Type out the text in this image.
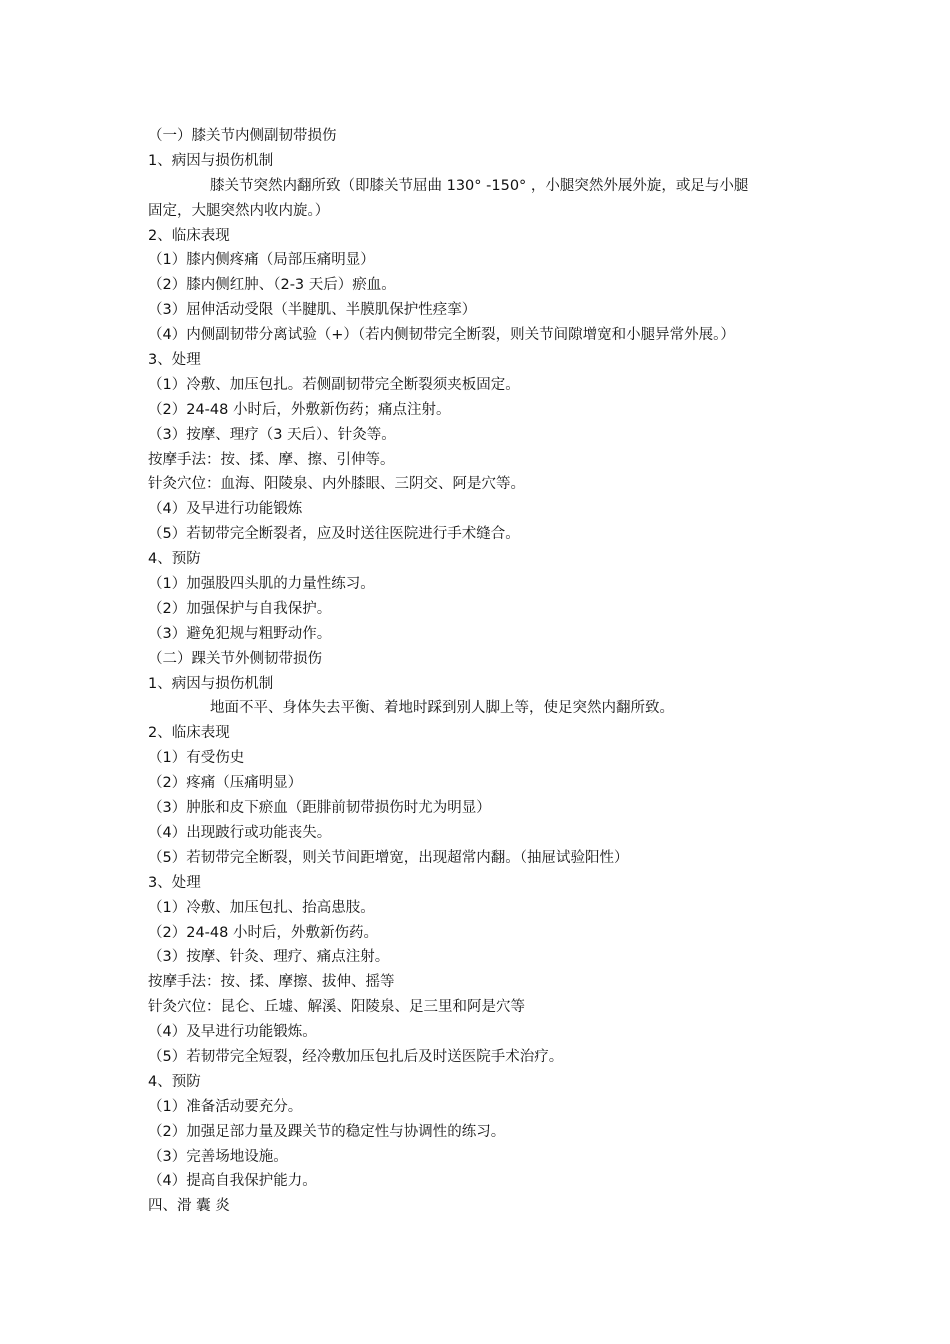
（一）膝关节内侧副韧带损伤
1、病因与损伤机制
膝关节突然内翻所致（即膝关节屈曲 130° -150° ，小腿突然外展外旋，或足与小腿
固定，大腿突然内收内旋。）
2、临床表现
（1）膝内侧疼痛（局部压痛明显）
（2）膝内侧红肿、（2-3 天后）瘀血。
（3）屈伸活动受限（半腱肌、半膜肌保护性痉挛）
（4）内侧副韧带分离试验（+）（若内侧韧带完全断裂，则关节间隙增宽和小腿异常外展。）
3、处理
（1）冷敷、加压包扎。若侧副韧带完全断裂须夹板固定。
（2）24-48 小时后，外敷新伤药；痛点注射。
（3）按摩、理疗（3 天后）、针灸等。
按摩手法：按、揉、摩、擦、引伸等。
针灸穴位：血海、阳陵泉、内外膝眼、三阴交、阿是穴等。
（4）及早进行功能锻炼
（5）若韧带完全断裂者，应及时送往医院进行手术缝合。
4、预防
（1）加强股四头肌的力量性练习。
（2）加强保护与自我保护。
（3）避免犯规与粗野动作。
（二）踝关节外侧韧带损伤
1、病因与损伤机制
地面不平、身体失去平衡、着地时踩到别人脚上等，使足突然内翻所致。
2、临床表现
（1）有受伤史
（2）疼痛（压痛明显）
（3）肿胀和皮下瘀血（距腓前韧带损伤时尤为明显）
（4）出现跛行或功能丧失。
（5）若韧带完全断裂，则关节间距增宽，出现超常内翻。（抽屉试验阳性）
3、处理
（1）冷敷、加压包扎、抬高患肢。
（2）24-48 小时后，外敷新伤药。
（3）按摩、针灸、理疗、痛点注射。
按摩手法：按、揉、摩擦、拔伸、摇等
针灸穴位：昆仑、丘墟、解溪、阳陵泉、足三里和阿是穴等
（4）及早进行功能锻炼。
（5）若韧带完全短裂，经冷敷加压包扎后及时送医院手术治疗。
4、预防
（1）准备活动要充分。
（2）加强足部力量及踝关节的稳定性与协调性的练习。
（3）完善场地设施。
（4）提高自我保护能力。
四、滑 囊 炎
